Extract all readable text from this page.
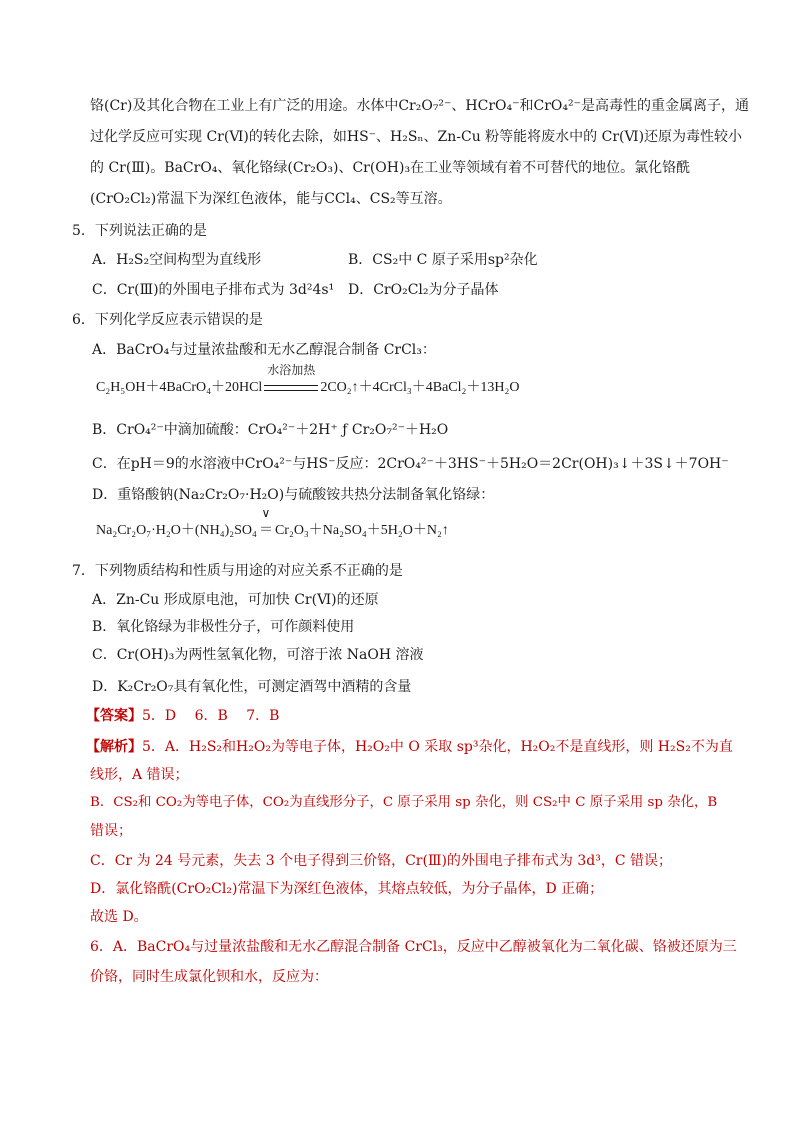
铬(Cr)及其化合物在工业上有广泛的用途。水体中Cr₂O₇²⁻、HCrO₄⁻和CrO₄²⁻是高毒性的重金属离子，通
过化学反应可实现 Cr(Ⅵ)的转化去除，如HS⁻、H₂Sₙ、Zn-Cu 粉等能将废水中的 Cr(Ⅵ)还原为毒性较小
的 Cr(Ⅲ)。BaCrO₄、氧化铬绿(Cr₂O₃)、Cr(OH)₃在工业等领域有着不可替代的地位。氯化铬酰
(CrO₂Cl₂)常温下为深红色液体，能与CCl₄、CS₂等互溶。
5．下列说法正确的是
A．H₂S₂空间构型为直线形	B．CS₂中 C 原子采用sp²杂化
C．Cr(Ⅲ)的外围电子排布式为 3d²4s¹ D．CrO₂Cl₂为分子晶体
6．下列化学反应表示错误的是
A．BaCrO₄与过量浓盐酸和无水乙醇混合制备 CrCl₃：
C₂H₅OH＋4BaCrO₄＋20HCl
水浴加热
2CO₂↑＋4CrCl₃＋4BaCl₂＋13H₂O
B．CrO₄²⁻中滴加硫酸：CrO₄²⁻＋2H⁺ ƒ Cr₂O₇²⁻＋H₂O
C．在pH＝9的水溶液中CrO₄²⁻与HS⁻反应：2CrO₄²⁻＋3HS⁻＋5H₂O＝2Cr(OH)₃↓＋3S↓＋7OH⁻
D．重铬酸钠(Na₂Cr₂O₇·H₂O)与硫酸铵共热分法制备氧化铬绿：
Na₂Cr₂O₇·H₂O＋(NH₄)₂SO₄
∨
＝ Cr₂O₃＋Na₂SO₄＋5H₂O＋N₂↑
7．下列物质结构和性质与用途的对应关系不正确的是
A．Zn-Cu 形成原电池，可加快 Cr(Ⅵ)的还原
B．氧化铬绿为非极性分子，可作颜料使用
C．Cr(OH)₃为两性氢氧化物，可溶于浓 NaOH 溶液
D．K₂Cr₂O₇具有氧化性，可测定酒驾中酒精的含量
【答案】5．D　 6．B　 7．B
【解析】5．A．H₂S₂和H₂O₂为等电子体，H₂O₂中 O 采取 sp³杂化，H₂O₂不是直线形，则 H₂S₂不为直
线形，A 错误；
B．CS₂和 CO₂为等电子体，CO₂为直线形分子，C 原子采用 sp 杂化，则 CS₂中 C 原子采用 sp 杂化，B
错误；
C．Cr 为 24 号元素，失去 3 个电子得到三价铬，Cr(Ⅲ)的外围电子排布式为 3d³，C 错误；
D．氯化铬酰(CrO₂Cl₂)常温下为深红色液体，其熔点较低，为分子晶体，D 正确；
故选 D。
6．A．BaCrO₄与过量浓盐酸和无水乙醇混合制备 CrCl₃，反应中乙醇被氧化为二氧化碳、铬被还原为三
价铬，同时生成氯化钡和水，反应为：
